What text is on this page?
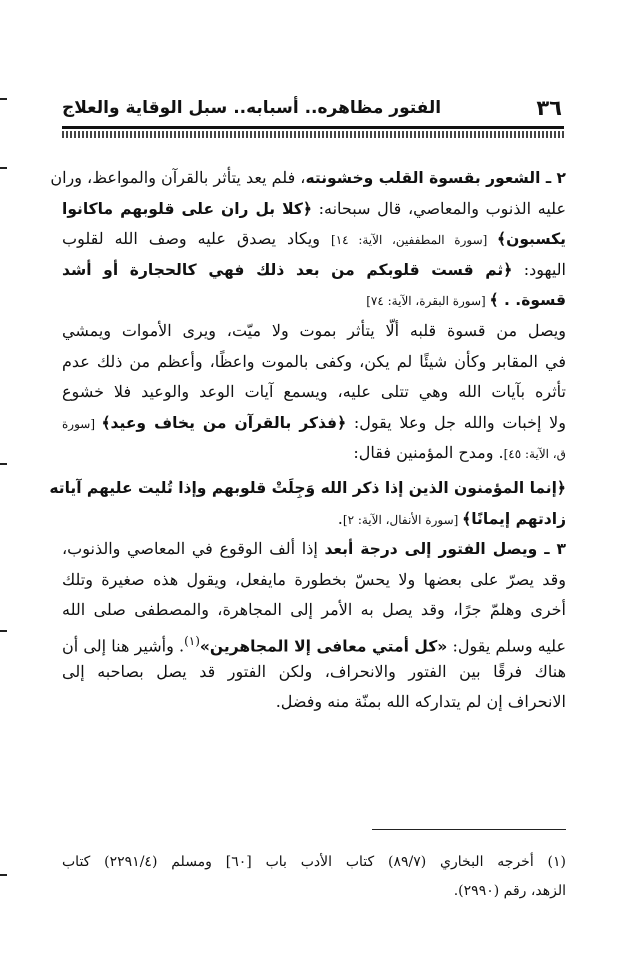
٣٦
الفتور مظاهره.. أسبابه.. سبل الوقاية والعلاج
٢ ـ الشعور بقسوة القلب وخشونته، فلم يعد يتأثر بالقرآن والمواعظ، وران
عليه الذنوب والمعاصي، قال سبحانه: ﴿كلا بل ران على قلوبهم ماكانوا
يكسبون﴾ [سورة المطففين، الآية: ١٤] ويكاد يصدق عليه وصف الله لقلوب
اليهود: ﴿ثم قست قلوبكم من بعد ذلك فهي كالحجارة أو أشد
قسوة. . ﴾ [سورة البقرة، الآية: ٧٤]
ويصل من قسوة قلبه ألّا يتأثر بموت ولا ميّت، ويرى الأموات ويمشي
في المقابر وكأن شيئًا لم يكن، وكفى بالموت واعظًا، وأعظم من ذلك عدم
تأثره بآيات الله وهي تتلى عليه، ويسمع آيات الوعد والوعيد فلا خشوع
ولا إخبات والله جل وعلا يقول: ﴿فذكر بالقرآن من يخاف وعيد﴾ [سورة
ق، الآية: ٤٥]. ومدح المؤمنين فقال:
﴿إنما المؤمنون الذين إذا ذكر الله وَجِلَتْ قلوبهم وإذا تُليت عليهم آياته
زادتهم إيمانًا﴾ [سورة الأنفال، الآية: ٢].
٣ ـ ويصل الفتور إلى درجة أبعد إذا ألف الوقوع في المعاصي والذنوب،
وقد يصرّ على بعضها ولا يحسّ بخطورة مايفعل، ويقول هذه صغيرة وتلك
أخرى وهلمّ جرًا، وقد يصل به الأمر إلى المجاهرة، والمصطفى صلى الله
عليه وسلم يقول: «كل أمتي معافى إلا المجاهرين»$^{(١)}$. وأشير هنا إلى أن
هناك فرقًا بين الفتور والانحراف، ولكن الفتور قد يصل بصاحبه إلى
الانحراف إن لم يتداركه الله بمنّة منه وفضل.
(١) أخرجه البخاري (٨٩/٧) كتاب الأدب باب [٦٠] ومسلم (٢٢٩١/٤) كتاب
الزهد، رقم (٢٩٩٠).
